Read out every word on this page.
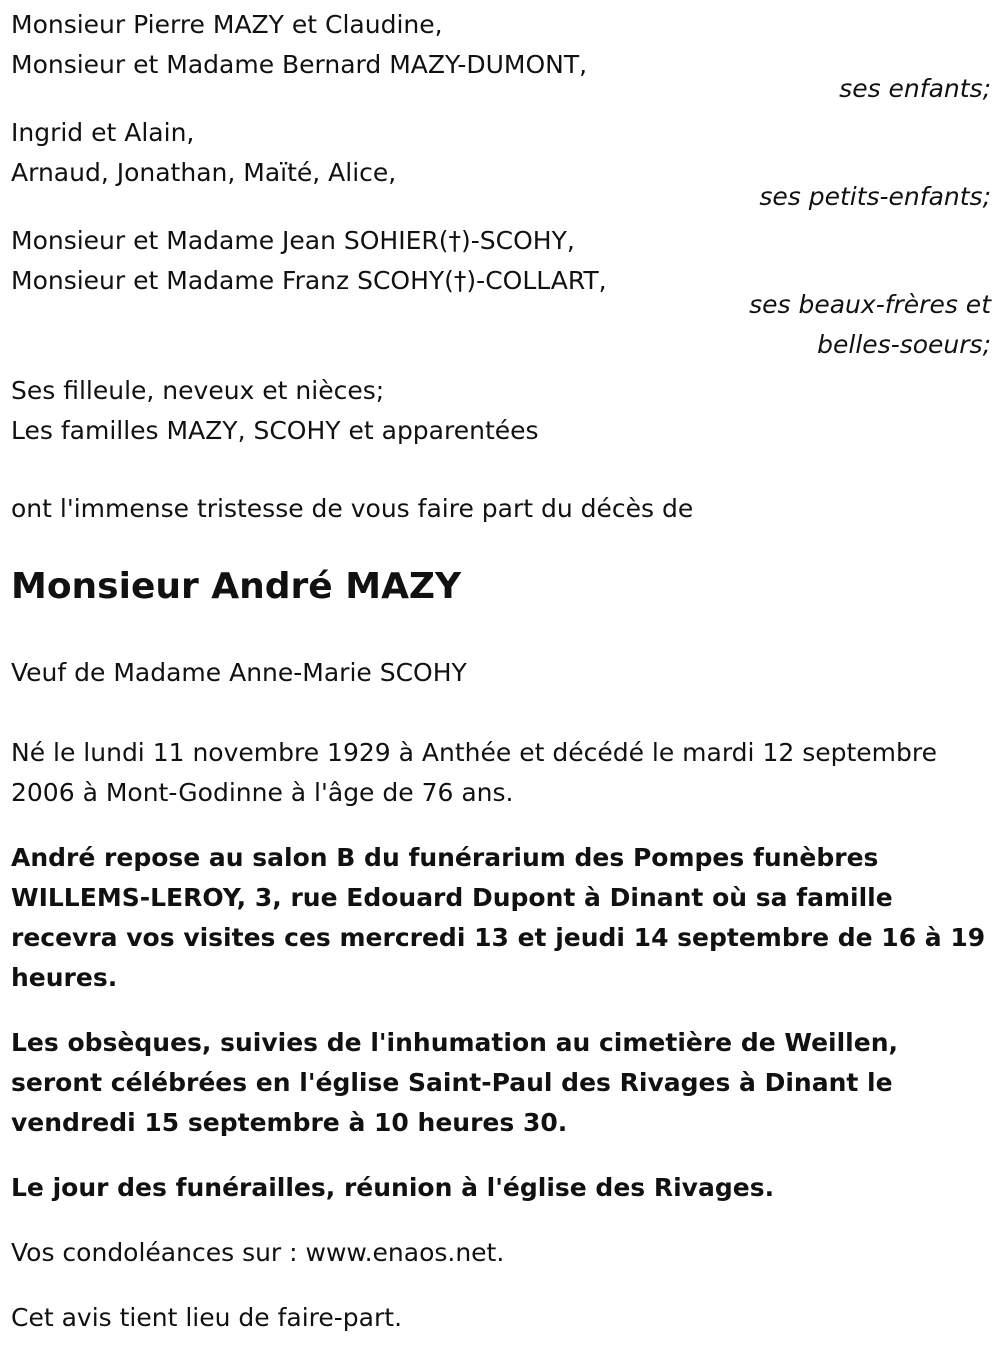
Monsieur Pierre MAZY et Claudine,

Monsieur et Madame Bernard MAZY-DUMONT,

ses enfants;

Ingrid et Alain,

Arnaud, Jonathan, Maïté, Alice,

ses petits-enfants;

Monsieur et Madame Jean SOHIER(†)-SCOHY,

Monsieur et Madame Franz SCOHY(†)-COLLART,

ses beaux-frères et

belles-soeurs;

Ses filleule, neveux et nièces;

Les familles MAZY, SCOHY et apparentées

ont l'immense tristesse de vous faire part du décès de

Monsieur André MAZY

Veuf de Madame Anne-Marie SCOHY

Né le lundi 11 novembre 1929 à Anthée et décédé le mardi 12 septembre 2006 à Mont-Godinne à l'âge de 76 ans.

André repose au salon B du funérarium des Pompes funèbres WILLEMS-LEROY, 3, rue Edouard Dupont à Dinant où sa famille recevra vos visites ces mercredi 13 et jeudi 14 septembre de 16 à 19 heures.

Les obsèques, suivies de l'inhumation au cimetière de Weillen, seront célébrées en l'église Saint-Paul des Rivages à Dinant le vendredi 15 septembre à 10 heures 30.

Le jour des funérailles, réunion à l'église des Rivages.

Vos condoléances sur : www.enaos.net.

Cet avis tient lieu de faire-part.
